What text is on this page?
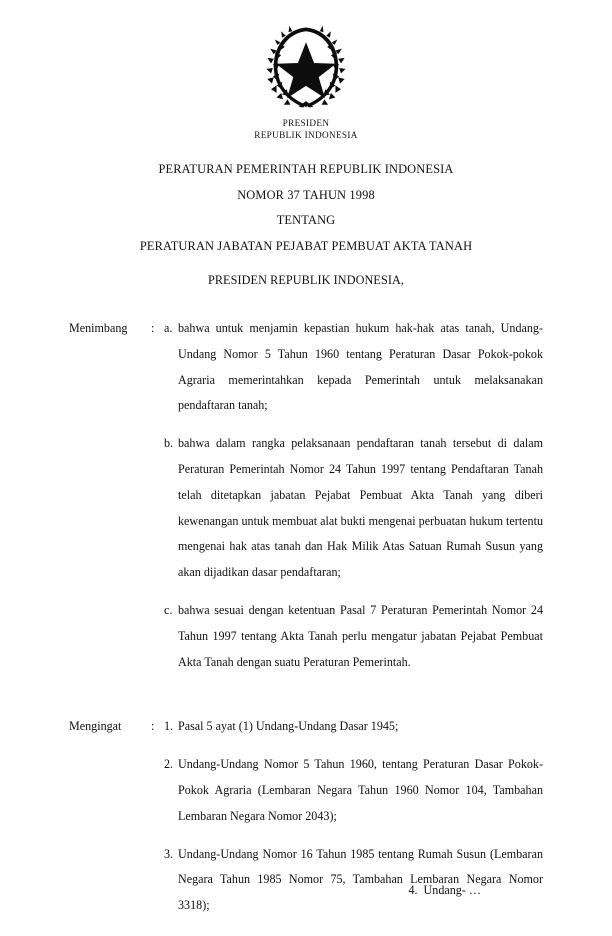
PRESIDEN
REPUBLIK INDONESIA
PERATURAN PEMERINTAH REPUBLIK INDONESIA
NOMOR 37 TAHUN 1998
TENTANG
PERATURAN JABATAN PEJABAT PEMBUAT AKTA TANAH
PRESIDEN REPUBLIK INDONESIA,
Menimbang	: a. bahwa untuk menjamin kepastian hukum hak-hak atas tanah, Undang-Undang Nomor 5 Tahun 1960 tentang Peraturan Dasar Pokok-pokok Agraria memerintahkan kepada Pemerintah untuk melaksanakan pendaftaran tanah;
b. bahwa dalam rangka pelaksanaan pendaftaran tanah tersebut di dalam Peraturan Pemerintah Nomor 24 Tahun 1997 tentang Pendaftaran Tanah telah ditetapkan jabatan Pejabat Pembuat Akta Tanah yang diberi kewenangan untuk membuat alat bukti mengenai perbuatan hukum tertentu mengenai hak atas tanah dan Hak Milik Atas Satuan Rumah Susun yang akan dijadikan dasar pendaftaran;
c. bahwa sesuai dengan ketentuan Pasal 7 Peraturan Pemerintah Nomor 24 Tahun 1997 tentang Akta Tanah perlu mengatur jabatan Pejabat Pembuat Akta Tanah dengan suatu Peraturan Pemerintah.
Mengingat	: 1. Pasal 5 ayat (1) Undang-Undang Dasar 1945;
2. Undang-Undang Nomor 5 Tahun 1960, tentang Peraturan Dasar Pokok-Pokok Agraria (Lembaran Negara Tahun 1960 Nomor 104, Tambahan Lembaran Negara Nomor 2043);
3. Undang-Undang Nomor 16 Tahun 1985 tentang Rumah Susun (Lembaran Negara Tahun 1985 Nomor 75, Tambahan Lembaran Negara Nomor 3318);
4.  Undang- …
